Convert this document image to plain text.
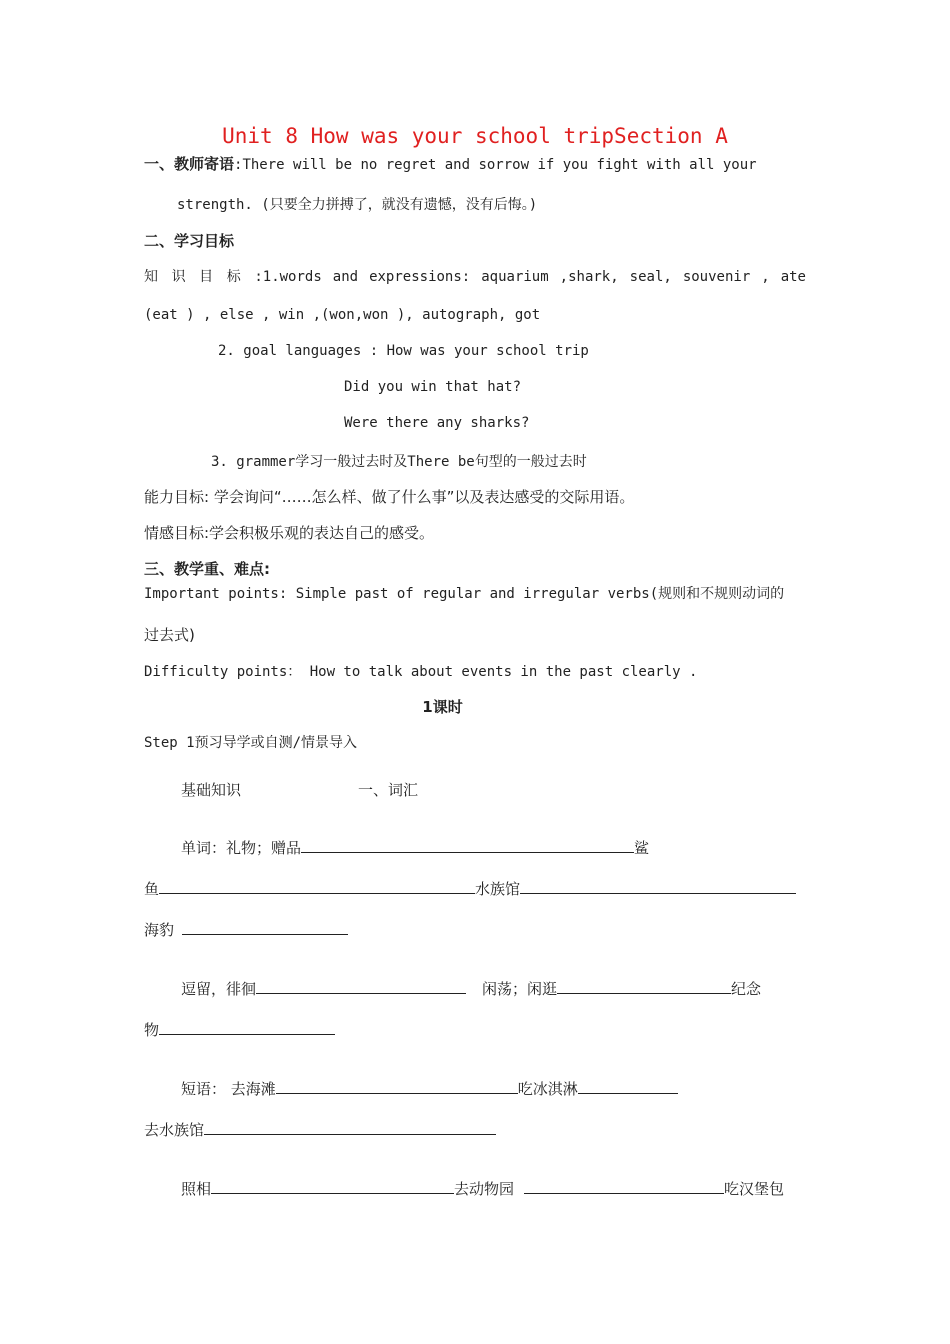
Unit 8 How was your school tripSection A
一、教师寄语:There will be no regret and sorrow if you fight with all your
strength. (只要全力拼搏了，就没有遗憾，没有后悔。)
二、学习目标
知 识 目 标 :1.words and expressions: aquarium ,shark, seal, souvenir , ate
(eat ) , else , win ,(won,won ), autograph, got
2. goal languages : How was your school trip
Did you win that hat?
Were there any sharks?
3. grammer学习一般过去时及There be句型的一般过去时
能力目标: 学会询问“……怎么样、做了什么事”以及表达感受的交际用语。
情感目标:学会积极乐观的表达自己的感受。
三、教学重、难点:
Important points: Simple past of regular and irregular verbs(规则和不规则动词的
过去式)
Difficulty points： How to talk about events in the past clearly .
1课时
Step 1预习导学或自测/情景导入
基础知识	一、词汇
单词：礼物；赠品	鲨
鱼	水族馆
海豹
逗留，徘徊	闲荡；闲逛	纪念
物
短语： 去海滩	吃冰淇淋
去水族馆
照相	去动物园	吃汉堡包
